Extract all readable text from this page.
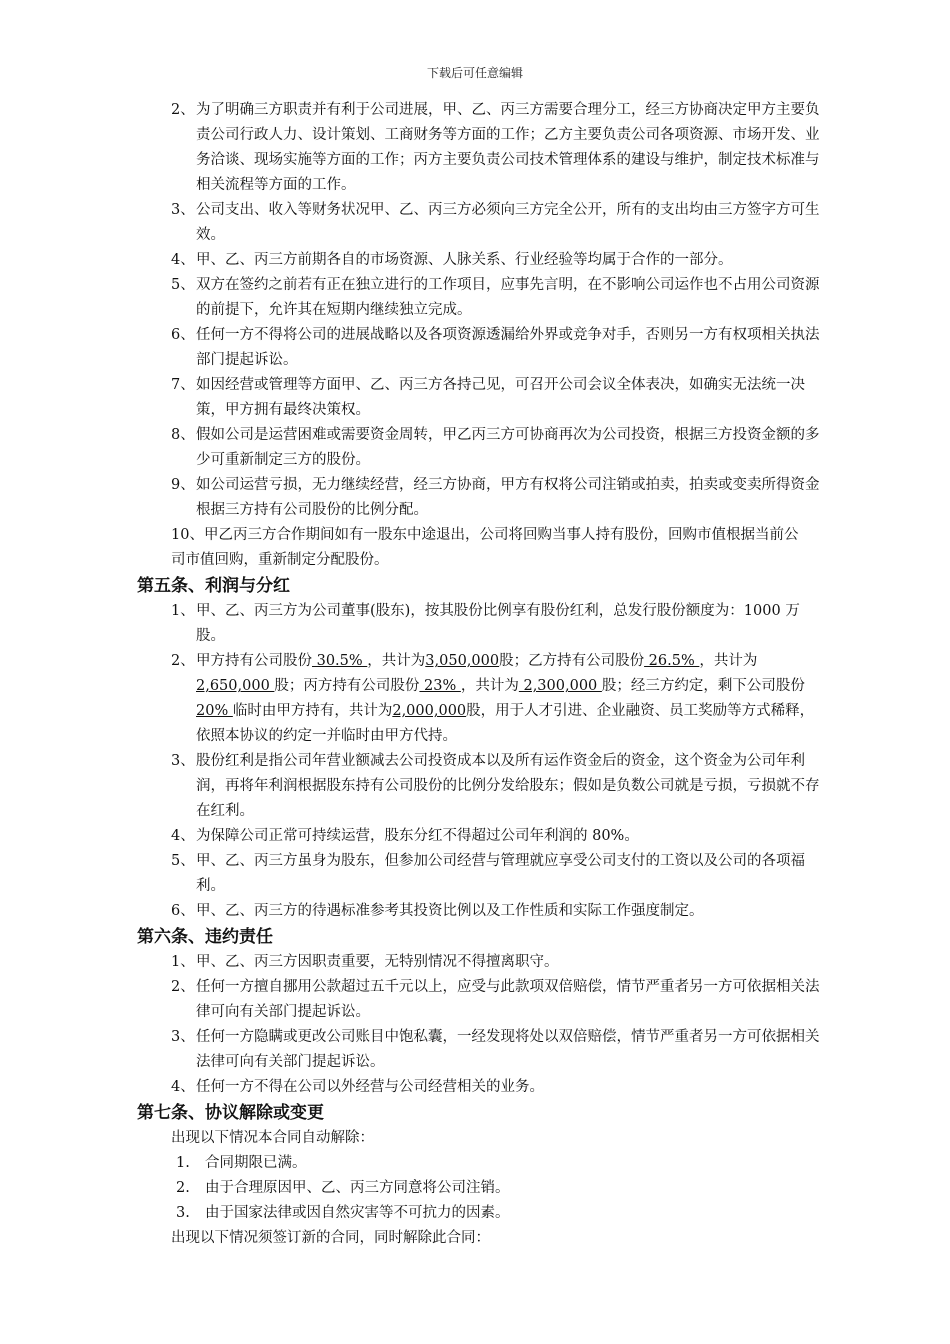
下载后可任意编辑
2、 为了明确三方职责并有利于公司进展，甲、乙、丙三方需要合理分工，经三方协商决定甲方主要负责公司行政人力、设计策划、工商财务等方面的工作；乙方主要负责公司各项资源、市场开发、业务洽谈、现场实施等方面的工作；丙方主要负责公司技术管理体系的建设与维护，制定技术标准与相关流程等方面的工作。
3、 公司支出、收入等财务状况甲、乙、丙三方必须向三方完全公开，所有的支出均由三方签字方可生效。
4、 甲、乙、丙三方前期各自的市场资源、人脉关系、行业经验等均属于合作的一部分。
5、 双方在签约之前若有正在独立进行的工作项目，应事先言明，在不影响公司运作也不占用公司资源的前提下，允许其在短期内继续独立完成。
6、 任何一方不得将公司的进展战略以及各项资源透漏给外界或竞争对手，否则另一方有权项相关执法部门提起诉讼。
7、 如因经营或管理等方面甲、乙、丙三方各持己见，可召开公司会议全体表决，如确实无法统一决策，甲方拥有最终决策权。
8、 假如公司是运营困难或需要资金周转，甲乙丙三方可协商再次为公司投资，根据三方投资金额的多少可重新制定三方的股份。
9、 如公司运营亏损，无力继续经营，经三方协商，甲方有权将公司注销或拍卖，拍卖或变卖所得资金根据三方持有公司股份的比例分配。
10、甲乙丙三方合作期间如有一股东中途退出，公司将回购当事人持有股份，回购市值根据当前公司市值回购，重新制定分配股份。
第五条、利润与分红
1、 甲、乙、丙三方为公司董事(股东)，按其股份比例享有股份红利，总发行股份额度为：1000 万股。
2、 甲方持有公司股份 30.5% ，共计为3,050,000股；乙方持有公司股份 26.5% ，共计为 2,650,000 股；丙方持有公司股份 23% ，共计为 2,300,000 股；经三方约定，剩下公司股份 20% 临时由甲方持有，共计为2,000,000股，用于人才引进、企业融资、员工奖励等方式稀释，依照本协议的约定一并临时由甲方代持。
3、 股份红利是指公司年营业额减去公司投资成本以及所有运作资金后的资金，这个资金为公司年利润，再将年利润根据股东持有公司股份的比例分发给股东；假如是负数公司就是亏损，亏损就不存在红利。
4、 为保障公司正常可持续运营，股东分红不得超过公司年利润的 80%。
5、 甲、乙、丙三方虽身为股东，但参加公司经营与管理就应享受公司支付的工资以及公司的各项福利。
6、 甲、乙、丙三方的待遇标准参考其投资比例以及工作性质和实际工作强度制定。
第六条、违约责任
1、 甲、乙、丙三方因职责重要，无特别情况不得擅离职守。
2、 任何一方擅自挪用公款超过五千元以上，应受与此款项双倍赔偿，情节严重者另一方可依据相关法律可向有关部门提起诉讼。
3、 任何一方隐瞒或更改公司账目中饱私囊，一经发现将处以双倍赔偿，情节严重者另一方可依据相关法律可向有关部门提起诉讼。
4、 任何一方不得在公司以外经营与公司经营相关的业务。
第七条、协议解除或变更
出现以下情况本合同自动解除：
1. 合同期限已满。
2. 由于合理原因甲、乙、丙三方同意将公司注销。
3. 由于国家法律或因自然灾害等不可抗力的因素。
出现以下情况须签订新的合同，同时解除此合同：
